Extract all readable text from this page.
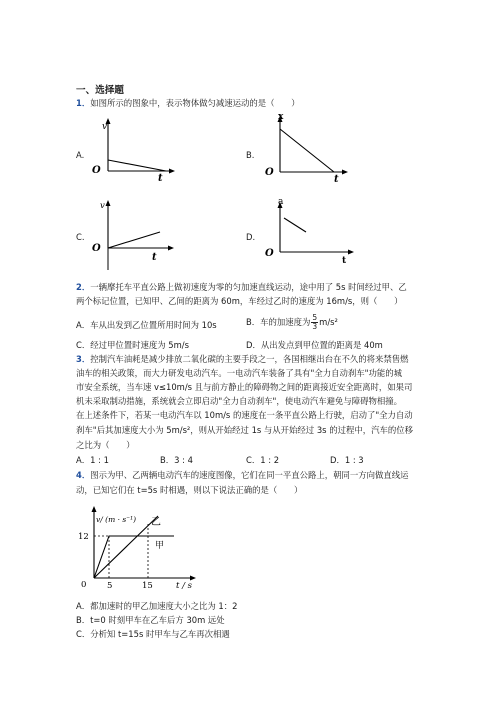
一、选择题
1．如图所示的图象中，表示物体做匀减速运动的是（　　）
A.
v
O
t
B.
x
O
t
C.
v
O
t
D.
a
O
t
2．一辆摩托车平直公路上做初速度为零的匀加速直线运动，途中用了 5s 时间经过甲、乙
两个标记位置，已知甲、乙间的距离为 60m，车经过乙时的速度为 16m/s，则（　　）
A．车从出发到乙位置所用时间为 10s	B．车的加速度为 $\frac{5}{3} m/s^2$
C．经过甲位置时速度为 5m/s	D．从出发点到甲位置的距离是 40m
3．控制汽车油耗是减少排放二氧化碳的主要手段之一，各国相继出台在不久的将来禁售燃
油车的相关政策，而大力研发电动汽车。一电动汽车装备了具有"全力自动刹车"功能的城
市安全系统，当车速 v≤10m/s 且与前方静止的障碍物之间的距离接近安全距离时，如果司
机未采取制动措施，系统就会立即启动"全力自动刹车"，使电动汽车避免与障碍物相撞。
在上述条件下，若某一电动汽车以 10m/s 的速度在一条平直公路上行驶，启动了"全力自动
刹车"后其加速度大小为 5m/s²，则从开始经过 1s 与从开始经过 3s 的过程中，汽车的位移
之比为（　　）
A．1 : 1	B．3 : 4	C．1 : 2	D．1 : 3
4．图示为甲、乙两辆电动汽车的速度图像，它们在同一平直公路上，朝同一方向做直线运
动，已知它们在 t=5s 时相遇，则以下说法正确的是（　　）
v/ (m · s⁻¹) 乙
甲
12
0 5	15	t / s
A．都加速时的甲乙加速度大小之比为 1：2
B．t=0 时刻甲车在乙车后方 30m 远处
C．分析知 t=15s 时甲车与乙车再次相遇
